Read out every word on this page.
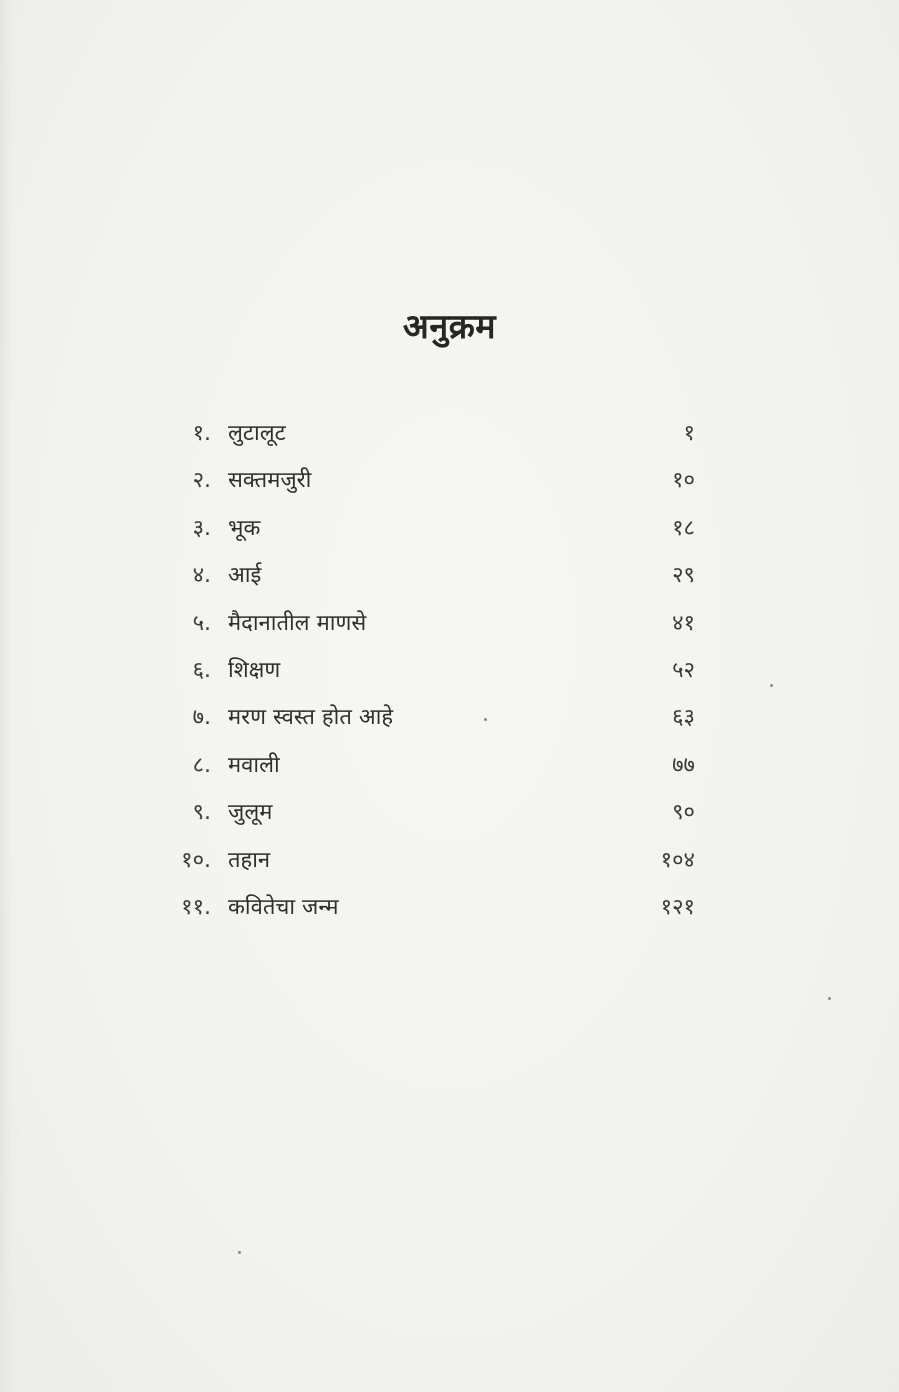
अनुक्रम
१. लुटालूट	१
२. सक्तमजुरी	१०
३. भूक	१८
४. आई	२९
५. मैदानातील माणसे	४१
६. शिक्षण	५२
७. मरण स्वस्त होत आहे	६३
८. मवाली	७७
९. जुलूम	९०
१०. तहान	१०४
११. कवितेचा जन्म	१२१
